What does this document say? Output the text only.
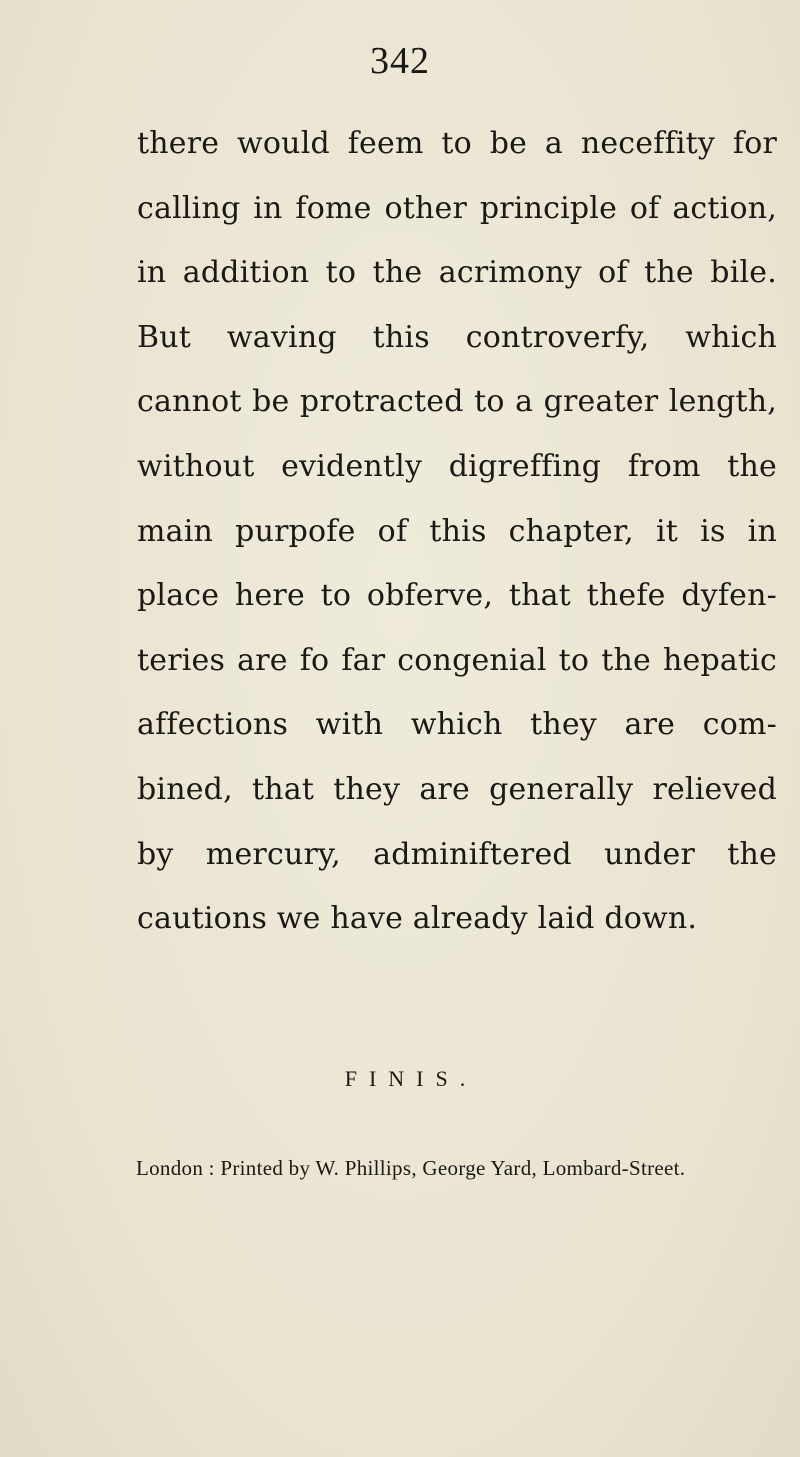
342
there would feem to be a neceffity for
calling in fome other principle of action,
in addition to the acrimony of the bile.
But waving this controverfy, which
cannot be protracted to a greater length,
without evidently digreffing from the
main purpofe of this chapter, it is in
place here to obferve, that thefe dyfen-
teries are fo far congenial to the hepatic
affections with which they are com-
bined, that they are generally relieved
by mercury, adminiftered under the
cautions we have already laid down.
FINIS.
London : Printed by W. Phillips, George Yard, Lombard-Street.
